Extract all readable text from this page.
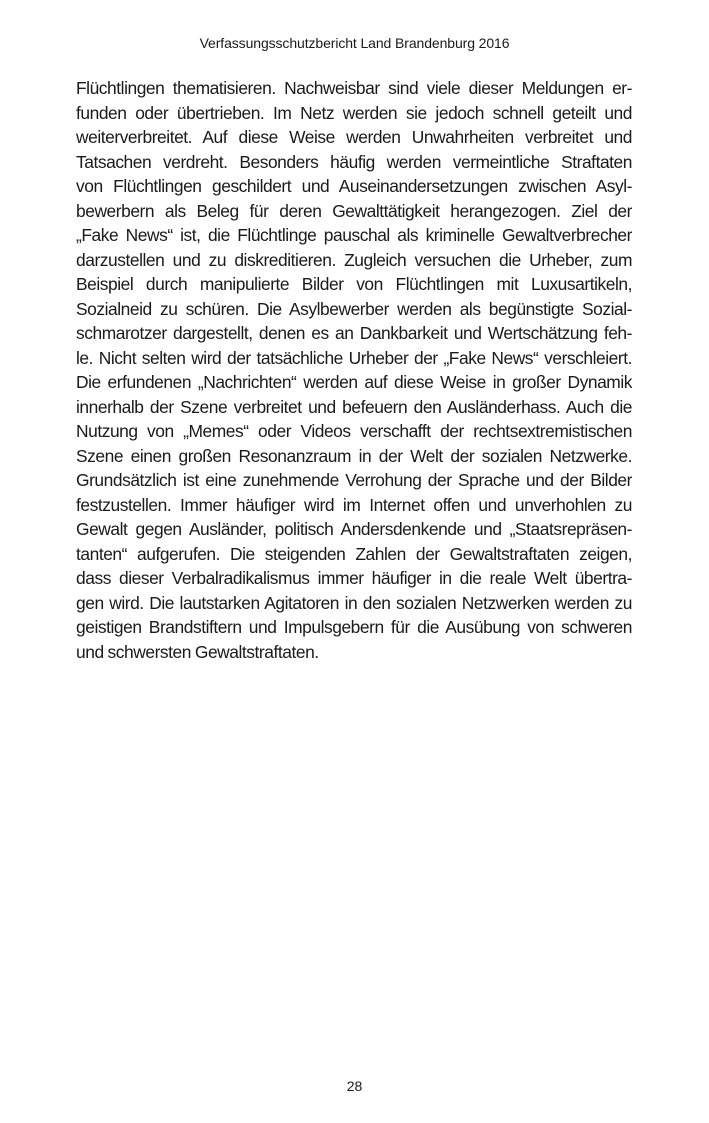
Verfassungsschutzbericht Land Brandenburg 2016
Flüchtlingen thematisieren. Nachweisbar sind viele dieser Meldungen er-
funden oder übertrieben. Im Netz werden sie jedoch schnell geteilt und
weiterverbreitet. Auf diese Weise werden Unwahrheiten verbreitet und
Tatsachen verdreht. Besonders häufig werden vermeintliche Straftaten
von Flüchtlingen geschildert und Auseinandersetzungen zwischen Asyl-
bewerbern als Beleg für deren Gewalttätigkeit herangezogen. Ziel der
„Fake News“ ist, die Flüchtlinge pauschal als kriminelle Gewaltverbrecher
darzustellen und zu diskreditieren. Zugleich versuchen die Urheber, zum
Beispiel durch manipulierte Bilder von Flüchtlingen mit Luxusartikeln,
Sozialneid zu schüren. Die Asylbewerber werden als begünstigte Sozial-
schmarotzer dargestellt, denen es an Dankbarkeit und Wertschätzung feh-
le. Nicht selten wird der tatsächliche Urheber der „Fake News“ verschleiert.
Die erfundenen „Nachrichten“ werden auf diese Weise in großer Dynamik
innerhalb der Szene verbreitet und befeuern den Ausländerhass. Auch die
Nutzung von „Memes“ oder Videos verschafft der rechtsextremistischen
Szene einen großen Resonanzraum in der Welt der sozialen Netzwerke.
Grundsätzlich ist eine zunehmende Verrohung der Sprache und der Bilder
festzustellen. Immer häufiger wird im Internet offen und unverhohlen zu
Gewalt gegen Ausländer, politisch Andersdenkende und „Staatsrepräsen-
tanten“ aufgerufen. Die steigenden Zahlen der Gewaltstraftaten zeigen,
dass dieser Verbalradikalismus immer häufiger in die reale Welt übertra-
gen wird. Die lautstarken Agitatoren in den sozialen Netzwerken werden zu
geistigen Brandstiftern und Impulsgebern für die Ausübung von schweren
und schwersten Gewaltstraftaten.
28
